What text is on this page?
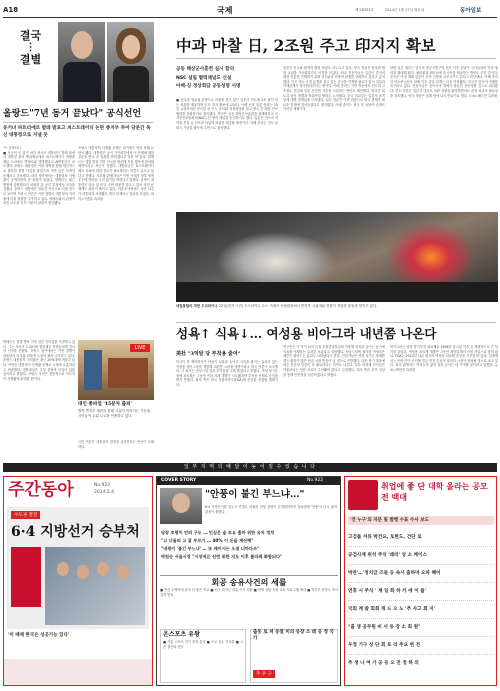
A18	국제	제 28355호	2014년 1월 27일 월요일	동아일보
결국
⋮
결별
올랑드"7년 동거 끝났다" 공식선언
동거녀 파트리에르 발레 발포고 퍼스트레이디 논란 종지부 투어 당분간 독신 대통령으로 지낼 듯
"드 동하터니
■ 사공의 인 뒤기 파리 정국이 대통령이 발레 를에서 대통령 관저 엘리제궁에서 퍼스트레이디 역할을 했던 트리에르 발레르와 결별했다고 AFP통신이 보도했다. 올랑드 대통령은 이날 성명을 통해 개인적으로 발표한 결별 사실을 알렸으며 이번 일은 사적인 문제라고 강조했다. 파리 정가에서는 대통령의 사생활이 공개되면서 큰 파장이 일었다. 발레르는 최근 병원에 입원했다가 퇴원한 뒤 공식 일정에서 모습을 감췄다. 올랑드 대통령은 당분간 독신으로 지낼 것으로 보이며 프랑스 언론은 이번 결별이 대통령의 지지율에 미칠 영향을 주목하고 있다. 여배우와의 관계가 처음 보도된 이후 여론의 관심이 집중됐다.
프랑스 대통령의 사생활 문제는 과거에도 여러 차례 논란이 됐다. 대통령은 공식 기자회견에서 이 문제에 대한 질문을 받고 곧 입장을 밝히겠다고 말한 바 있다. 발레르는 결별 발표 직후 인도를 방문해 자선 행사에 참석할 예정이라고 측근이 전했다. 대통령궁은 퍼스트레이디 제도 자체에 대한 검토가 필요하다는 의견도 나오고 있다고 전했다. 사회당 관계자들은 이번 사태가 정부 정책 추진에 영향을 주지 않기를 바란다고 말했다. 올랑드 대통령은 다음 달 미국 국빈 방문을 앞두고 있어 의전 문제에도 관심이 쏠리고 있다. 여론조사에서는 국민 다수가 대통령의 사생활은 개인 문제라는 입장을 보였다. 파리=이종훈 특파원
中과 마찰 日, 2조원 주고 印지지 확보
공동 해상군사훈련 실시 합의
NSC 설립 협력채널도 신설
아베-싱 정상회담 공동성명 서명
■ 중국과 영유권 분쟁으로 마찰을 빚고 있는 일본이 인도에 2조 원이 넘는 차관을 제공하며 인도 지지 확보에 나섰다. 아베 신조 일본 총리는 25일 뉴델리에서 만모한 싱 인도 총리와 정상회담을 열고 양국 간 해상 안보 협력을 강화하기로 합의했다. 양국은 공동 해상군사훈련을 정례화하고 국가안전보장회의(NSC) 간 협력 채널을 신설하기로 했다. 일본은 인도의 지하철 건설 등 인프라 사업에 차관을 제공할 예정이다. 아베 총리는 인도 공화국 기념일 행사에 주빈으로 참석했다.
일본은 인도와 원자력 협정 체결도 서두르고 있다. 양국 정상은 원자력 협정 교섭을 가속화하기로 의견을 모았다. 외교 전문가들은 일본이 중국의 해양 진출을 견제하기 위해 인도와의 전략적 관계를 강화하고 있다고 분석했다. 인도 역시 국경 분쟁을 겪고 있는 중국을 견제할 필요가 있어 일본과 이해관계가 맞아떨어진다는 평가다. 아베 총리는 이번 방문에서 인도의 고속철도 건설에 일본 신칸센 기술을 도입하는 방안도 제안했다. 양국은 희토류 공동 개발과 방위산업 협력도 논의했다. 중국 외교부는 일본의 움직임에 대해 경계심을 드러냈다. 일본 언론은 이번 회담으로 양국 관계가 새로운 단계에 접어들었다고 평가했다. 아베 총리는 귀국 후 동남아 순방도 이어갈 계획이다.
한편 일본 정부는 중국의 방공식별구역 선포 이후 동남아 국가들과의 안보 협력을 확대해 왔다. 필리핀과 베트남에 순시선을 제공하는 방안도 추진 중이다. 중국은 이에 대해 일본이 지역 긴장을 고조시키고 있다고 비난했다. 아베 총리의 야스쿠니신사 참배 이후 중일 관계는 더욱 악화됐다. 미국은 양국에 자제를 촉구하고 있다. 전문가들은 동아시아 정세가 당분간 불안정할 것으로 내다봤다. 인도 언론은 일본의 대규모 차관 지원을 환영하면서도 균형 외교의 필요성을 강조했다. 양국 정상은 올해 안에 다시 만나기로 했다. 도쿄=배극인 특파원
대립통합의 개헌 우크라이나 22일(현지 시간) 우크라이나 수도 키예프 독립광장에서 반정부 시위대와 경찰이 격렬한 충돌을 벌이고 있다.
성욕↑ 식욕↓… 여성용 비아그라 내년쯤 나온다
美社 "3억달 당 부작용 줄여"
미국의 한 제약회사가 여성의 성욕을 높이고 식욕을 줄이는 효과가 있는 여성용 비아그라를 개발해 내년쯤 시판할 예정이라고 미국 언론이 보도했다. 이 회사는 임상시험 결과 부작용을 크게 줄였다고 밝혔다. 여성 성기능 장애 치료제는 그동안 여러 차례 개발이 시도됐지만 부작용 문제로 승인을 받지 못했다. 회사 측은 미국 식품의약국(FDA)에 승인을 신청할 계획이다.
연구진은 이 약이 뇌의 특정 신경전달물질에 작용해 성욕을 높이는 동시에 식욕을 억제하는 효과를 보였다고 설명했다. 임상시험에 참가한 여성들은 체중이 줄어드는 효과도 나타났다고 한다. 전문가들은 여성 성기능 장애를 겪는 환자가 많은 만큼 시장 반응이 클 것으로 전망했다. 다만 장기 복용에 따른 안전성 검증이 더 필요하다는 지적도 나온다. 일부 의학계 인사들은 약물보다는 상담 치료가 우선돼야 한다고 주장했다. 회사 측은 추가 임상을 통해 안전성을 입증하겠다고 밝혔다.
비아그라는 남성 발기부전 치료제로 1998년 출시된 이후 전 세계적으로 큰 인기를 끌었다. 여성용 치료제 개발은 그동안 제약업계의 숙원 사업으로 꼽혀 왔다. FDA는 2010년 다른 회사의 여성용 치료제 승인을 거부한 바 있다. 업계에서는 이번 약이 승인될 경우 연간 수십억 달러의 시장이 형성될 것으로 보고 있다. 회사 관계자는 여성들의 삶의 질을 높이는 데 기여할 것이라고 말했다. 뉴욕=박현진 특파원
LIVE
대인 총파업 '15분차 출퇴'
방콕 반정부 세력의 봉쇄 시위가 이어지는 가운데 시민들이 우회 도로를 이용하고 있다.
발레르는 결별 발표 이후 언론 인터뷰를 거절하고 있다. 그는 자신의 트위터에 엘리제궁 직원들에게 감사의 인사를 전했다. 프랑스 정가에서는 이번 결별이 대통령의 지지율 회복에 도움이 될지 주목하고 있다. 올랑드 대통령의 지지율은 최근 20%대에 머물고 있다. 야당은 대통령이 사생활 문제로 국정에 소홀하다고 비판했다. 대통령실은 국정 운영에 차질이 없을 것이라고 밝혔다. 프랑스 국민은 전통적으로 지도자의 사생활에 관대한 편이다.
국민 여론은 대통령의 결정을 존중한다는 반응이 우세하다.
일 부 지 역 의 배 달 이 늦 어 질 수 있 습 니 다
주간동아	No.922
2014.2.4
수도권 결전
6·4 지방선거 승부처
'미 배제 한국은 성공가능 있다'
COVER STORY	No.922
"안풍이 불긴 부느냐…"
6·4 지방선거를 앞두고 안철수 의원의 신당 창당이 본격화하면서 정치권에 '안풍'이 다시 불지 관심이 쏠린다.
당장 호랑이 안의 구도 … 민심은 숲 토요 출마 위한 유지 정치
"고 너들의 고 잘 부르기 … 40% 이 돈을 계산해"
"내평이 '불긴 부느냐' … 또 케이시는 오점 너마다쓰"
박원순 서울시장 "시장직은 선번 위한 지도 이후 폴더레 화합되다"
회공 송유사건의 세를
■ 연간 수백억대 흑자 다 좋은 학교 ■ 신규 학자금 대출 이자 지원 ■ 학생 상담 지원 교육 프로그램 확대 ■ 학부모 만족도 조사 결과 발표
온스포츠 유왕
■ 겨울 스포츠 인기 종목 분석 ■ 프로 선수 인터뷰 ■ 시즌 결산과 전망
출동 로 쳐 동열 미의 등장 소 레 공 정 국가
추 우 구
취업에 좋 단 대학 올라는 공모전 백대
'전 누구'의 자문 및 발행 수표 수사 보도
고검률 겨류 박건요, 토한도, 건단 로
공검사계 위석 주식 '레터' 상 소 케이스
박찬'…'정치급 즈들 등 속시 출하며 오파 혜어
연휴 시 주식 ' 재 일 화 하 카 에 이 를'
국회 계 쓸 회회 게 드 오 노 '추 자고 회 지'
"출 생 공무원 비 서 동 장 소 회 원"
우정 기구 상 단 회 포 라 주요 변 전
추 생 나 여 가 공 등 오 전 정 하 의
